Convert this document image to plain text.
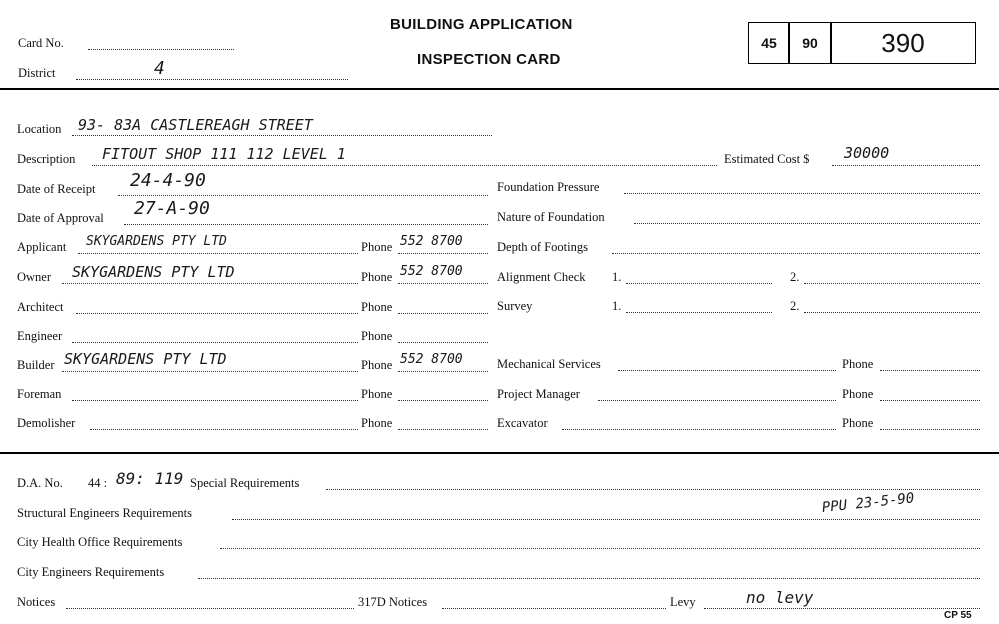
Card No.
District	4
BUILDING APPLICATION
INSPECTION CARD
45 90 390
Location 93- 83A CASTLEREAGH STREET
Description FITOUT SHOP 111 112 LEVEL 1	Estimated Cost $ 30000
Date of Receipt 24-4-90	Foundation Pressure
Date of Approval 27-A-90	Nature of Foundation
Applicant SKYGARDENS PTY LTD	Phone 552 8700	Depth of Footings
Owner SKYGARDENS PTY LTD	Phone 552 8700	Alignment Check 1.	2.
Architect	Phone	Survey	1.	2.
Engineer	Phone
Builder SKYGARDENS PTY LTD	Phone 552 8700	Mechanical Services	Phone
Foreman	Phone	Project Manager	Phone
Demolisher	Phone	Excavator	Phone
D.A. No. 44 : 89: 119 Special Requirements
Structural Engineers Requirements	PPU 23-5-90
City Health Office Requirements
City Engineers Requirements
Notices	317D Notices	Levy	no levy
CP 55
